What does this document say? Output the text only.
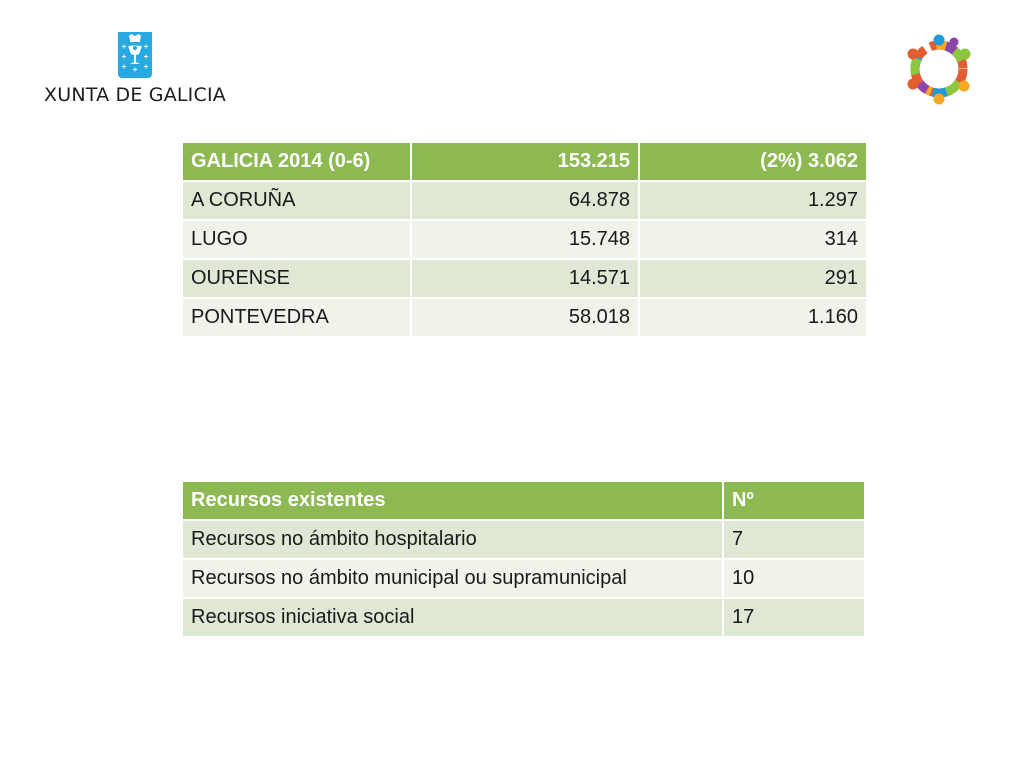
XUNTA DE GALICIA
GALICIA 2014 (0-6)	153.215	(2%) 3.062
A CORUÑA	64.878	1.297
LUGO	15.748	314
OURENSE	14.571	291
PONTEVEDRA	58.018	1.160
Recursos existentes	Nº
Recursos no ámbito hospitalario	7
Recursos no ámbito municipal ou supramunicipal	10
Recursos iniciativa social	17
